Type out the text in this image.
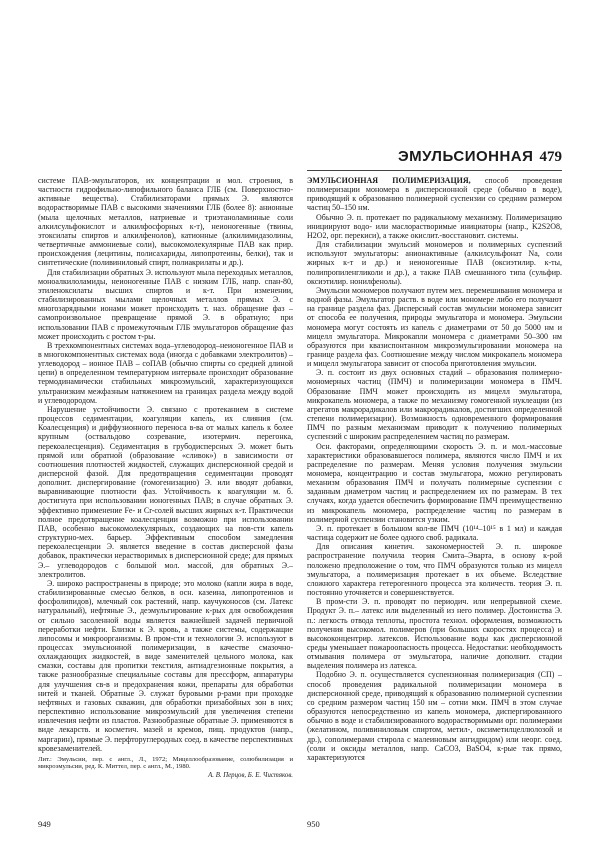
ЭМУЛЬСИОННАЯ 479

системе ПАВ-эмульгаторов, их концентрации и мол. строения, в частности гидрофильно-липофильного баланса ГЛБ (см. Поверхностно-активные вещества). Стабилизаторами прямых Э. являются водорастворимые ПАВ с высокими значениями ГЛБ (более 8): анионные (мыла щелочных металлов, натриевые и триэтаноламинные соли алкилсульфокислот и алкилфосфорных к-т), неионогенные (твины, этоксилаты спиртов и алкилфенолов), катионные (алкилимидазолины, четвертичные аммониевые соли), высокомолекулярные ПАВ как прир. происхождения (лецитины, полисахариды, липопротеины, белки), так и синтетические (поливиниловый спирт, полиакрилаты и др.).

Для стабилизации обратных Э. используют мыла переходных металлов, моноалкилоламиды, неионогенные ПАВ с низким ГЛБ, напр. спан-80, этиленоксилаты высших спиртов и к-т. При изменении, стабилизированных мылами щелочных металлов прямых Э. с многозарядными ионами может происходить т. наз. обращение фаз – самопроизвольное превращение прямой Э. в обратную; при использовании ПАВ с промежуточным ГЛБ эмульгаторов обращение фаз может происходить с ростом т-ры.

В трехкомпонентных системах вода–углеводород–неионогенное ПАВ и в многокомпонентных системах вода (иногда с добавками электролитов) – углеводород – ионное ПАВ – соПАВ (обычно спирты со средней длиной цепи) в определенном температурном интервале происходит образование термодинамически стабильных микроэмульсий, характеризующихся ультранизким межфазным натяжением на границах раздела между водой и углеводородом.

Нарушение устойчивости Э. связано с протеканием в системе процессов седиментации, коагуляции капель, их слияния (см. Коалесценция) и диффузионного переноса в-ва от малых капель к более крупным (оствальдово созревание, изотермич. перегонка, перекоалесценция). Седиментация в грубодисперсных Э. может быть прямой или обратной (образование «сливок») в зависимости от соотношения плотностей жидкостей, служащих дисперсионной средой и дисперсной фазой. Для предотвращения седиментации проводят дополнит. диспергирование (гомогенизацию) Э. или вводят добавки, выравнивающие плотности фаз. Устойчивость к коагуляции м. б. достигнута при использовании ионогенных ПАВ; в случае обратных Э. эффективно применение Fe- и Cr-солей высших жирных к-т. Практически полное предотвращение коалесценции возможно при использовании ПАВ, особенно высокомолекулярных, создающих на пов-сти капель структурно-мех. барьер. Эффективным способом замедления перекоалесценции Э. является введение в состав дисперсной фазы добавок, практически нерастворимых в дисперсионной среде; для прямых Э.– углеводородов с большой мол. массой, для обратных Э.– электролитов.

Э. широко распространены в природе; это молоко (капли жира в воде, стабилизированные смесью белков, в осн. казеина, липопротеинов и фосфолипидов), млечный сок растений, напр. каучуконосов (см. Латекс натуральный), нефтяные Э., деэмульгирование к-рых для освобождения от сильно засоленной воды является важнейшей задачей первичной переработки нефти. Близки к Э. кровь, а также системы, содержащие липосомы и микроорганизмы. В пром-сти и технологии Э. используют в процессах эмульсионной полимеризации, в качестве смазочно-охлаждающих жидкостей, в виде заменителей цельного молока, как смазки, составы для пропитки текстиля, антиадгезионные покрытия, а также разнообразные специальные составы для прессформ, аппаратуры для улучшения св-в и предохранения кожи, препараты для обработки нитей и тканей. Обратные Э. служат буровыми р-рами при проходке нефтяных и газовых скважин, для обработки призабойных зон в них; перспективно использование микроэмульсий для увеличения степени извлечения нефти из пластов. Разнообразные обратные Э. применяются в виде лекарств. и косметич. мазей и кремов, пищ. продуктов (напр., маргарин), прямые Э. перфторуглеродных соед. в качестве перспективных кровезаменителей.

Лит.: Эмульсии, пер. с англ., Л., 1972; Мицеллообразование, солюбилизация и микроэмульсии, ред. К. Миттел, пер. с англ., М., 1980.

А. В. Перцов, Б. Е. Чистяков.

ЭМУЛЬСИОННАЯ ПОЛИМЕРИЗАЦИЯ, способ проведения полимеризации мономера в дисперсионной среде (обычно в воде), приводящий к образованию полимерной суспензии со средним размером частиц 50–150 нм.

Обычно Э. п. протекает по радикальному механизму. Полимеризацию инициируют водо- или маслорастворимые инициаторы (напр., K2S2O8, H2O2, орг. перекиси), а также окислит.-восстановит. системы.

Для стабилизации эмульсий мономеров и полимерных суспензий используют эмульгаторы: анионактивные (алкилсульфонат Na, соли жирных к-т и др.) и неионогенные ПАВ (оксиэтилир. к-ты, полипропиленгликоли и др.), а также ПАВ смешанного типа (сульфир. оксиэтилир. нонилфенолы).

Эмульсии мономеров получают путем мех. перемешивания мономера и водной фазы. Эмульгатор раств. в воде или мономере либо его получают на границе раздела фаз. Дисперсный состав эмульсии мономера зависит от способа ее получения, природы эмульгатора и мономера. Эмульсии мономера могут состоять из капель с диаметрами от 50 до 5000 нм и мицелл эмульгатора. Микрокапли мономера с диаметрами 50–300 нм образуются при квазиспонтанном микроэмульгировании мономера на границе раздела фаз. Соотношение между числом микрокапель мономера и мицелл эмульгатора зависит от способа приготовления эмульсии.

Э. п. состоит из двух основных стадий – образования полимерно-мономерных частиц (ПМЧ) и полимеризации мономера в ПМЧ. Образование ПМЧ может происходить из мицелл эмульгатора, микрокапель мономера, а также по механизму гомогенной нуклеации (из агрегатов макрорадикалов или макрорадикалов, достигших определенной степени полимеризации). Возможность одновременного формирования ПМЧ по разным механизмам приводит к получению полимерных суспензий с широким распределением частиц по размерам.

Осн. факторами, определяющими скорость Э. п. и мол.-массовые характеристики образовавшегося полимера, являются число ПМЧ и их распределение по размерам. Меняя условия получения эмульсии мономера, концентрацию и состав эмульгатора, можно регулировать механизм образования ПМЧ и получать полимерные суспензии с заданным диаметром частиц и распределением их по размерам. В тех случаях, когда удается обеспечить формирование ПМЧ преимущественно из микрокапель мономера, распределение частиц по размерам в полимерной суспензии становится узким.

Э. п. протекает в большом кол-ве ПМЧ (10¹⁴–10¹⁵ в 1 мл) и каждая частица содержит не более одного своб. радикала.

Для описания кинетич. закономерностей Э. п. широкое распространение получила теория Смита–Эварта, в основу к-рой положено предположение о том, что ПМЧ образуются только из мицелл эмульгатора, а полимеризация протекает в их объеме. Вследствие сложного характера гетерогенного процесса эта количеств. теория Э. п. постоянно уточняется и совершенствуется.

В пром-сти Э. п. проводят по периодич. или непрерывной схеме. Продукт Э. п.– латекс или выделенный из него полимер. Достоинства Э. п.: легкость отвода теплоты, простота технол. оформления, возможность получения высокомол. полимеров (при больших скоростях процесса) и высококонцентрир. латексов. Использование воды как дисперсионной среды уменьшает пожароопасность процесса. Недостатки: необходимость отмывания полимера от эмульгатора, наличие дополнит. стадии выделения полимера из латекса.

Подобно Э. п. осуществляется суспензионная полимеризация (СП) – способ проведения радикальной полимеризации мономера в дисперсионной среде, приводящий к образованию полимерной суспензии со средним размером частиц 150 нм – сотни мкм. ПМЧ в этом случае образуются непосредственно из капель мономера, диспергированного обычно в воде и стабилизированного водорастворимыми орг. полимерами (желатином, поливиниловым спиртом, метил-, оксиметилцеллюлозой и др.), сополимерами стирола с малеиновым ангидридом) или неорг. соед. (соли и оксиды металлов, напр. CaCO3, BaSO4, к-рые так прямо, характеризуются

949	950
